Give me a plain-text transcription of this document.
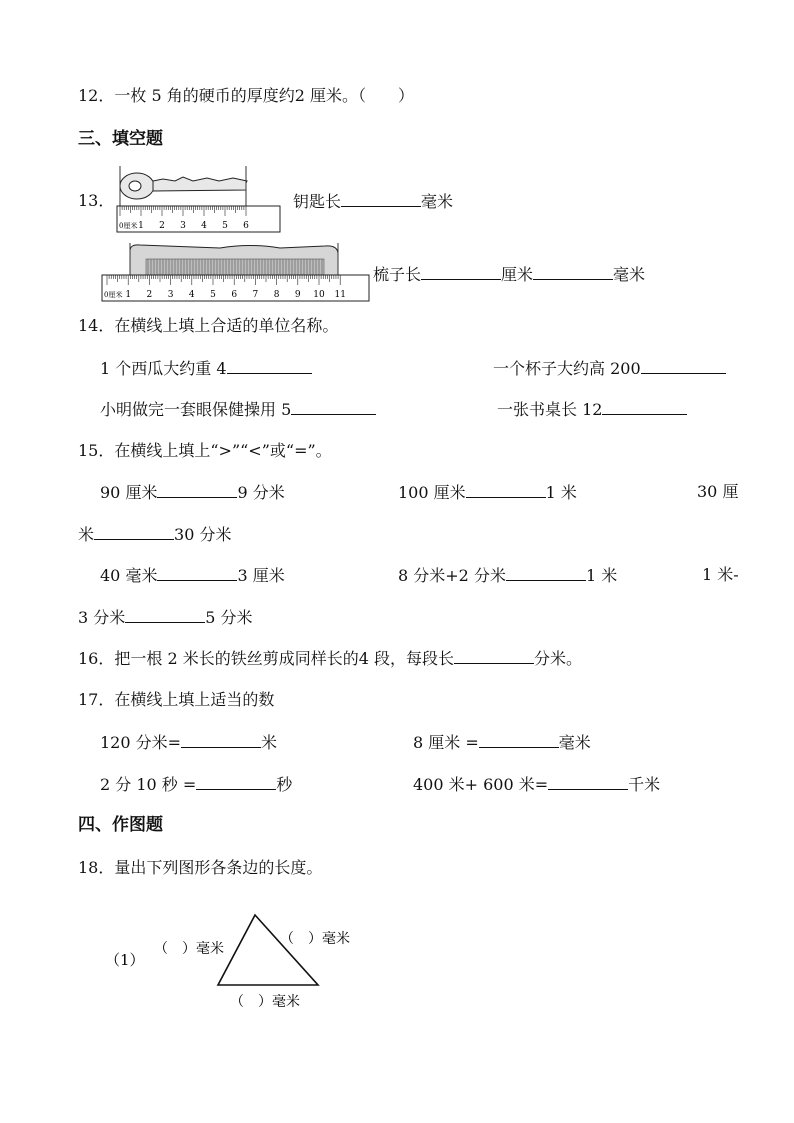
12．一枚 5 角的硬币的厚度约2 厘米。（　　）
三、填空题
13．
1 2 3 4 5 6
0厘米
钥匙长	毫米
1 2 3 4 5 6 7 8 9 10 11
0厘米
梳子长	厘米	毫米
14．在横线上填上合适的单位名称。
1 个西瓜大约重 4	一个杯子大约高 200
小明做完一套眼保健操用 5	一张书桌长 12
15．在横线上填上“>”“<”或“=”。
90 厘米	9 分米	100 厘米	1 米	30 厘
米	30 分米
40 毫米	3 厘米	8 分米+2 分米	1 米	1 米-
3 分米	5 分米
16．把一根 2 米长的铁丝剪成同样长的4 段，每段长	分米。
17．在横线上填上适当的数
120 分米=	米	8 厘米 =	毫米
2 分 10 秒 =	秒	400 米+ 600 米=	千米
四、作图题
18．量出下列图形各条边的长度。
（1）
（　）毫米
（　）毫米
（　）毫米
